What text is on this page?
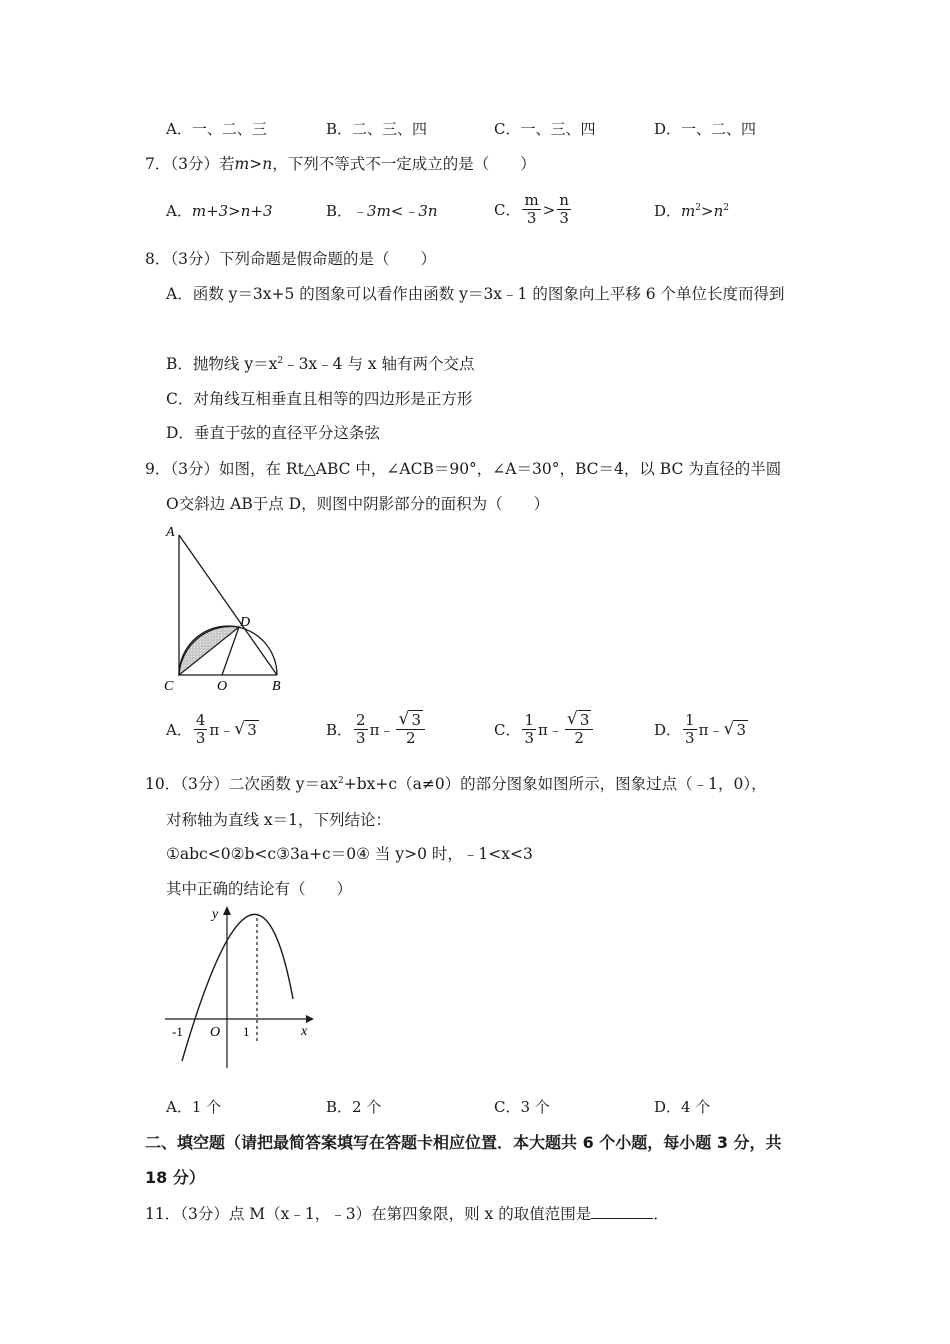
A．一、二、三	B．二、三、四	C．一、三、四	D．一、二、四
7．（3分）若m>n，下列不等式不一定成立的是（　　）
A．m+3>n+3	B．﹣3m<﹣3n	C． $\frac{m}{3} > \frac{n}{3}$	D．$m^2>n^2$
8．（3分）下列命题是假命题的是（　　）
A．函数 y＝3x+5 的图象可以看作由函数 y＝3x﹣1 的图象向上平移 6 个单位长度而得到
B．抛物线 $y=x^2﹣3x﹣4$ 与 x 轴有两个交点
C．对角线互相垂直且相等的四边形是正方形
D．垂直于弦的直径平分这条弦
9．（3分）如图，在 Rt△ABC 中，∠ACB＝90°，∠A＝30°，BC＝4，以 BC 为直径的半圆
O交斜边 AB于点 D，则图中阴影部分的面积为（　　）
A
D
C	O	B
A． $\frac{4}{3}$ π﹣ √ 3	B． $\frac{2}{3}$ π﹣ √ $\frac{3}{2}$	C． $\frac{1}{3}$ π﹣ √ $\frac{3}{2}$	D． $\frac{1}{3}$ π﹣ √ 3
10．（3分）二次函数 $y=ax^2+bx+c(a\ne 0)$的部分图象如图所示，图象过点（﹣1，0），
对称轴为直线 x＝1，下列结论：
①abc<0②b<c③3a+c＝0④ 当 y>0 时，﹣1<x<3
其中正确的结论有（　　）
y
x
-1 O 1
A．1 个	B．2 个	C．3 个	D．4 个
二、填空题（请把最简答案填写在答题卡相应位置．本大题共 6 个小题，每小题 3 分，共
18 分）
11．（3分）点 M（x﹣1，﹣3）在第四象限，则 x 的取值范围是	．
